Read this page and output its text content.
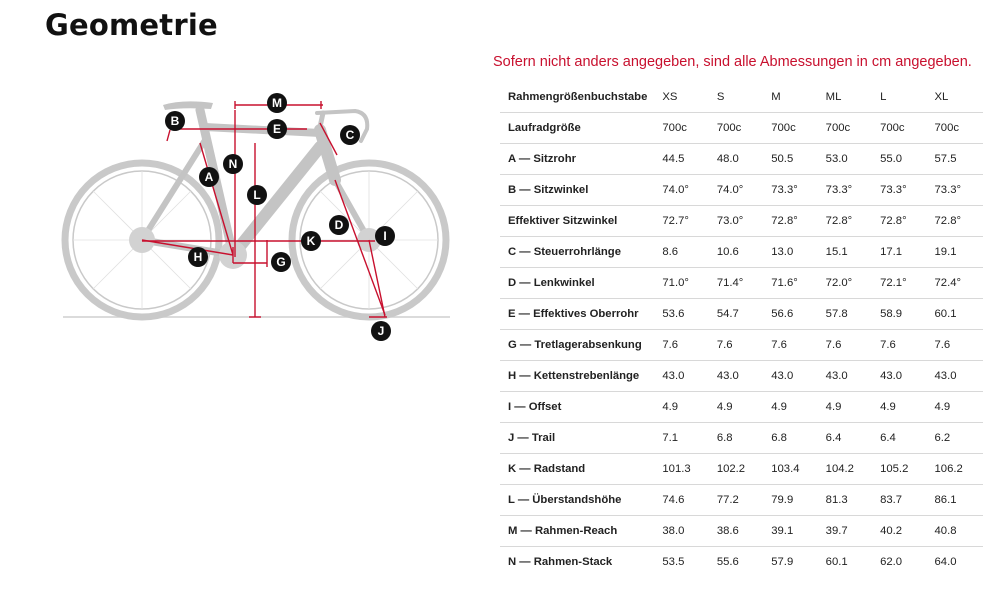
Geometrie
Sofern nicht anders angegeben, sind alle Abmessungen in cm angegeben.
A
B
C
D
E
G
H
I
J
K
L
M
N
Rahmengrößenbuchstabe	XS	S	M	ML	L	XL
Laufradgröße	700c	700c	700c	700c	700c	700c
A — Sitzrohr	44.5	48.0	50.5	53.0	55.0	57.5
B — Sitzwinkel	74.0°	74.0°	73.3°	73.3°	73.3°	73.3°
Effektiver Sitzwinkel	72.7°	73.0°	72.8°	72.8°	72.8°	72.8°
C — Steuerrohrlänge	8.6	10.6	13.0	15.1	17.1	19.1
D — Lenkwinkel	71.0°	71.4°	71.6°	72.0°	72.1°	72.4°
E — Effektives Oberrohr	53.6	54.7	56.6	57.8	58.9	60.1
G — Tretlagerabsenkung	7.6	7.6	7.6	7.6	7.6	7.6
H — Kettenstrebenlänge	43.0	43.0	43.0	43.0	43.0	43.0
I — Offset	4.9	4.9	4.9	4.9	4.9	4.9
J — Trail	7.1	6.8	6.8	6.4	6.4	6.2
K — Radstand	101.3	102.2	103.4	104.2	105.2	106.2
L — Überstandshöhe	74.6	77.2	79.9	81.3	83.7	86.1
M — Rahmen-Reach	38.0	38.6	39.1	39.7	40.2	40.8
N — Rahmen-Stack	53.5	55.6	57.9	60.1	62.0	64.0
